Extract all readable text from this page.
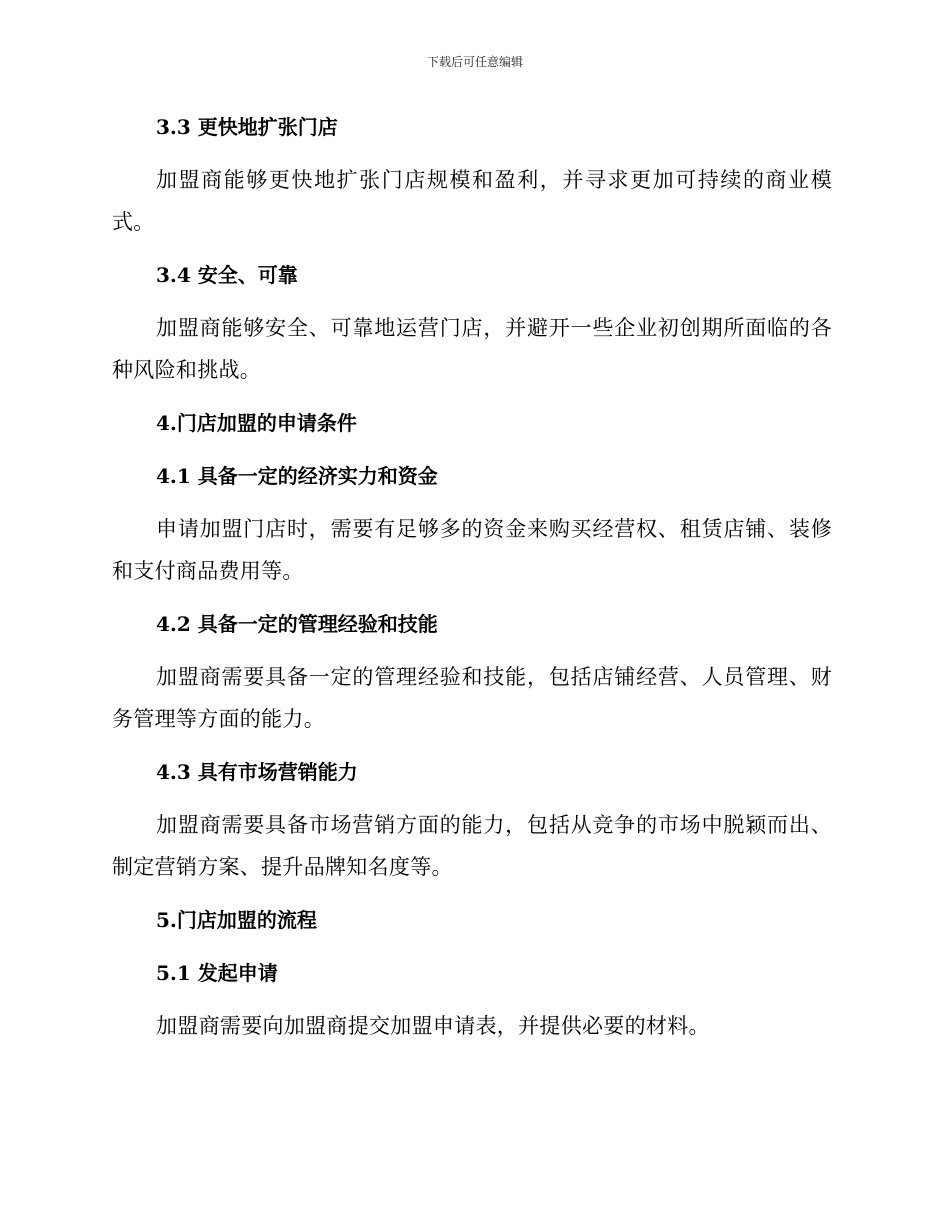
下载后可任意编辑
3.3 更快地扩张门店
加盟商能够更快地扩张门店规模和盈利，并寻求更加可持续的商业模式。
3.4 安全、可靠
加盟商能够安全、可靠地运营门店，并避开一些企业初创期所面临的各种风险和挑战。
4.门店加盟的申请条件
4.1 具备一定的经济实力和资金
申请加盟门店时，需要有足够多的资金来购买经营权、租赁店铺、装修和支付商品费用等。
4.2 具备一定的管理经验和技能
加盟商需要具备一定的管理经验和技能，包括店铺经营、人员管理、财务管理等方面的能力。
4.3 具有市场营销能力
加盟商需要具备市场营销方面的能力，包括从竞争的市场中脱颖而出、制定营销方案、提升品牌知名度等。
5.门店加盟的流程
5.1 发起申请
加盟商需要向加盟商提交加盟申请表，并提供必要的材料。
